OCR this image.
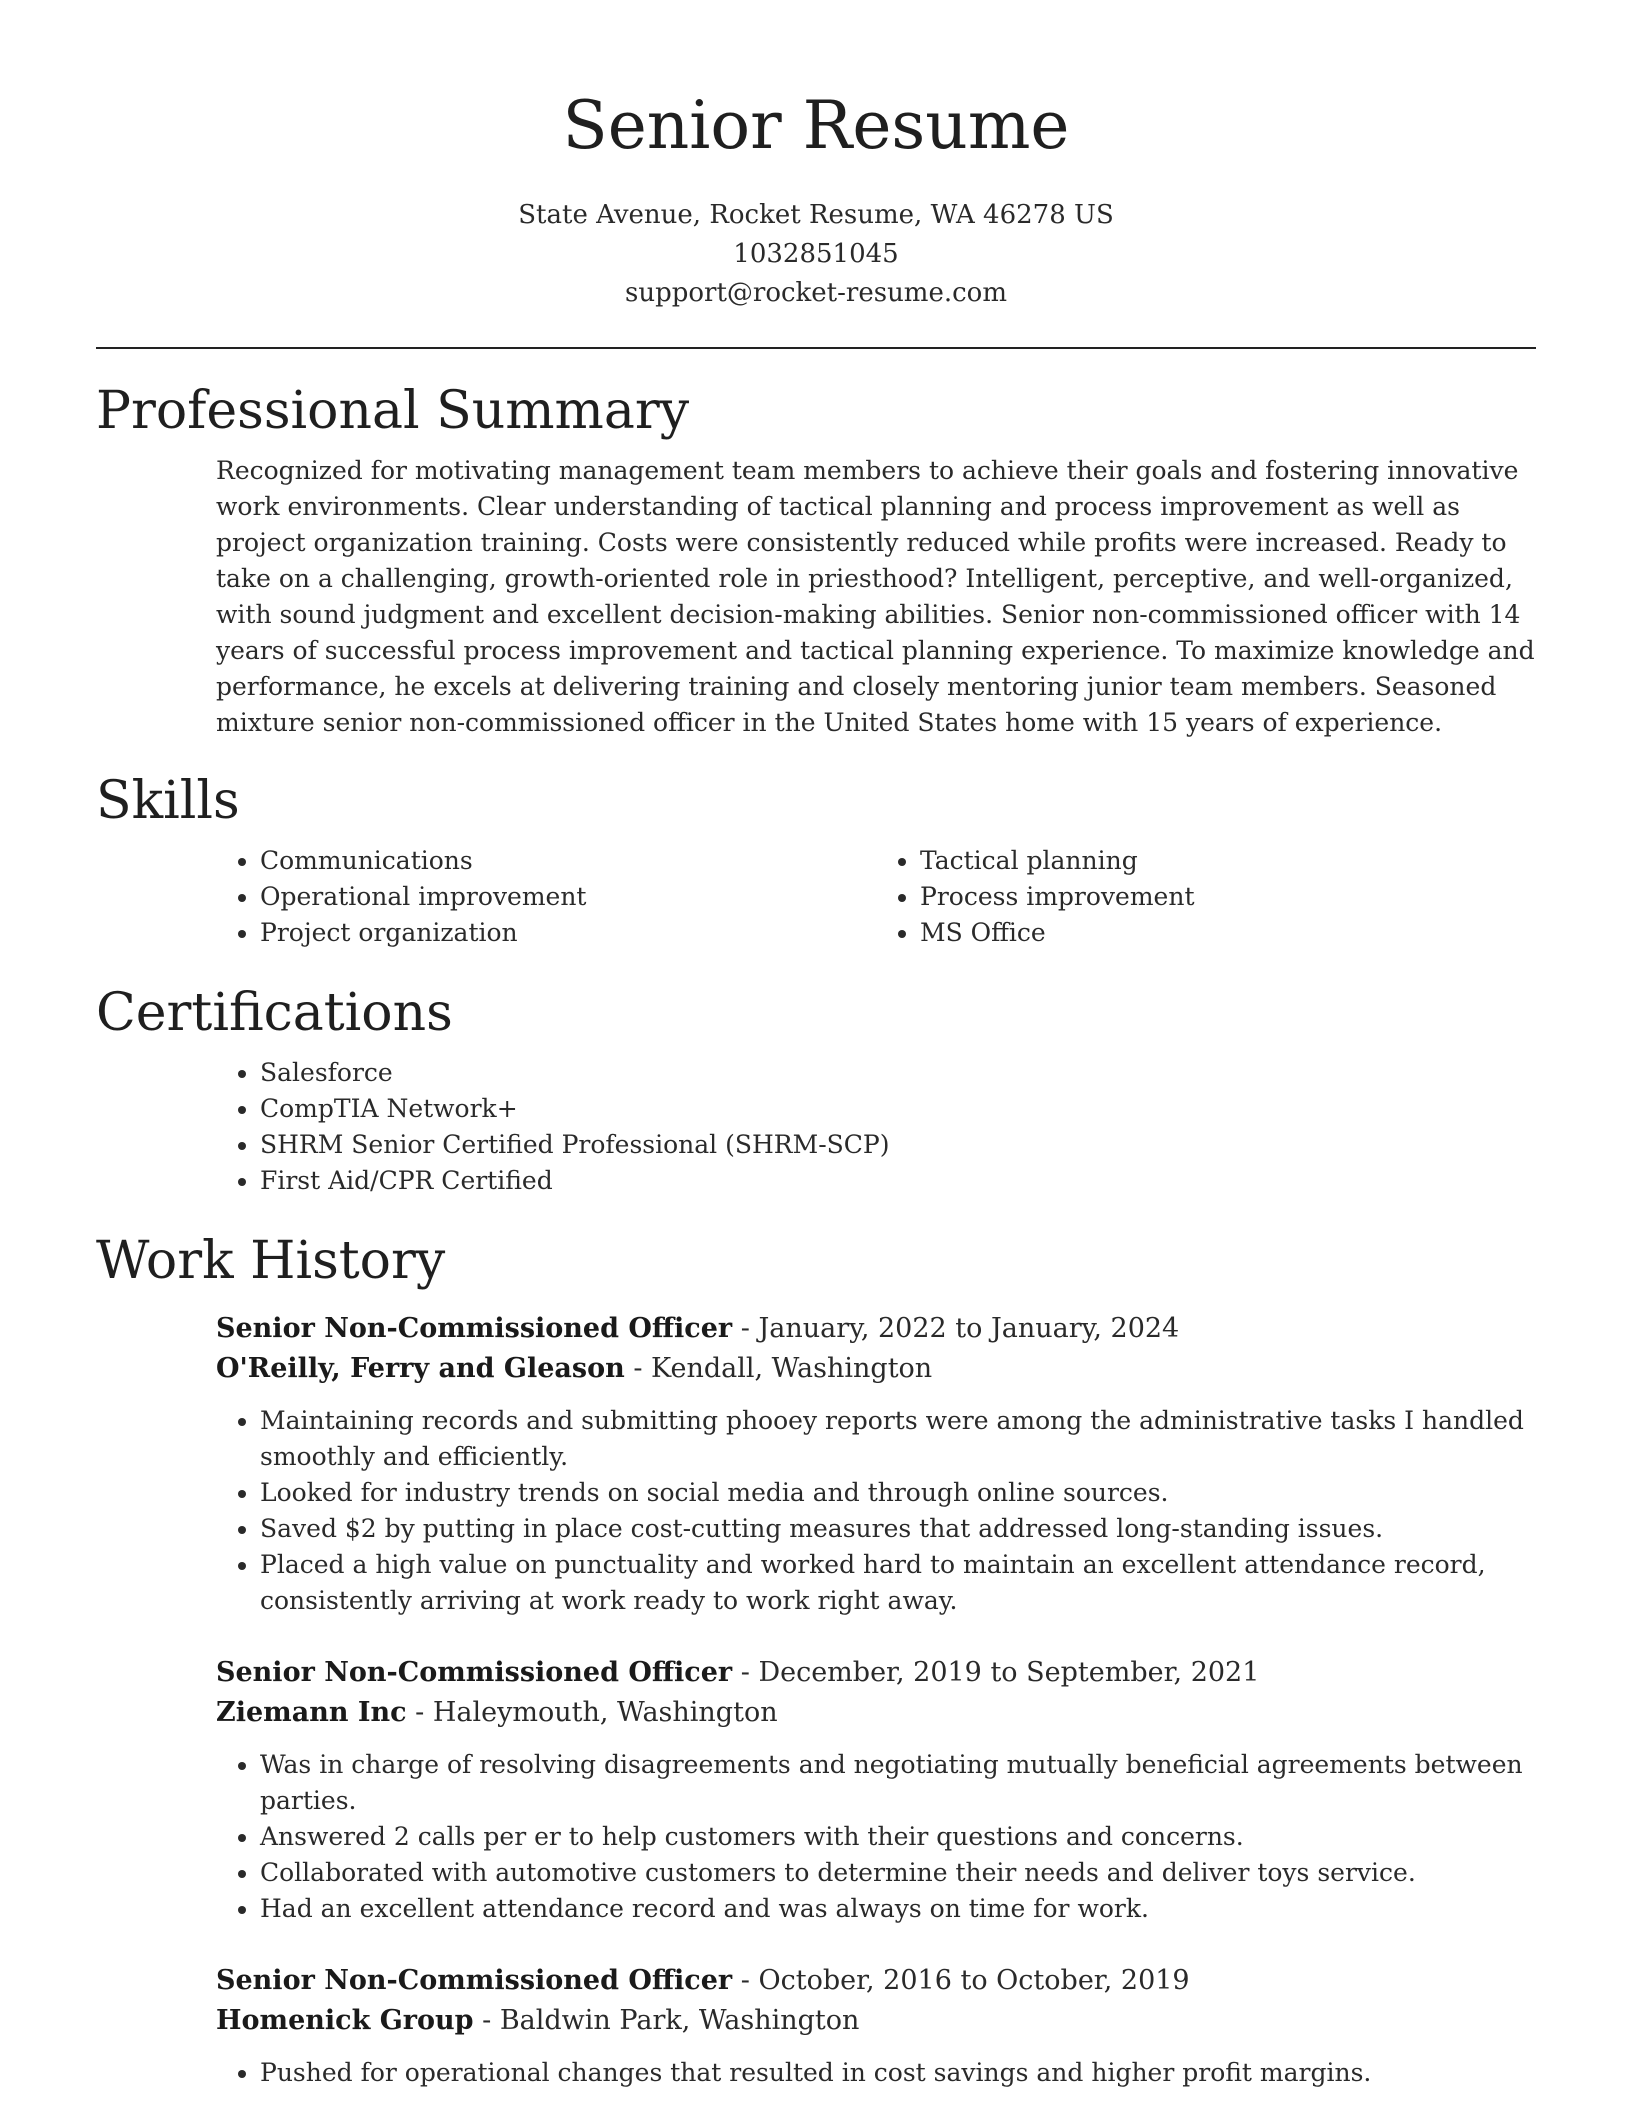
Senior Resume
State Avenue, Rocket Resume, WA 46278 US
1032851045
support@rocket-resume.com
Professional Summary
Recognized for motivating management team members to achieve their goals and fostering innovative work environments. Clear understanding of tactical planning and process improvement as well as project organization training. Costs were consistently reduced while profits were increased. Ready to take on a challenging, growth-oriented role in priesthood? Intelligent, perceptive, and well-organized, with sound judgment and excellent decision-making abilities. Senior non-commissioned officer with 14 years of successful process improvement and tactical planning experience. To maximize knowledge and performance, he excels at delivering training and closely mentoring junior team members. Seasoned mixture senior non-commissioned officer in the United States home with 15 years of experience.
Skills
• Communications
• Operational improvement
• Project organization
• Tactical planning
• Process improvement
• MS Office
Certifications
• Salesforce
• CompTIA Network+
• SHRM Senior Certified Professional (SHRM-SCP)
• First Aid/CPR Certified
Work History
Senior Non-Commissioned Officer - January, 2022 to January, 2024
O'Reilly, Ferry and Gleason - Kendall, Washington
• Maintaining records and submitting phooey reports were among the administrative tasks I handled smoothly and efficiently.
• Looked for industry trends on social media and through online sources.
• Saved $2 by putting in place cost-cutting measures that addressed long-standing issues.
• Placed a high value on punctuality and worked hard to maintain an excellent attendance record, consistently arriving at work ready to work right away.
Senior Non-Commissioned Officer - December, 2019 to September, 2021
Ziemann Inc - Haleymouth, Washington
• Was in charge of resolving disagreements and negotiating mutually beneficial agreements between parties.
• Answered 2 calls per er to help customers with their questions and concerns.
• Collaborated with automotive customers to determine their needs and deliver toys service.
• Had an excellent attendance record and was always on time for work.
Senior Non-Commissioned Officer - October, 2016 to October, 2019
Homenick Group - Baldwin Park, Washington
• Pushed for operational changes that resulted in cost savings and higher profit margins.
